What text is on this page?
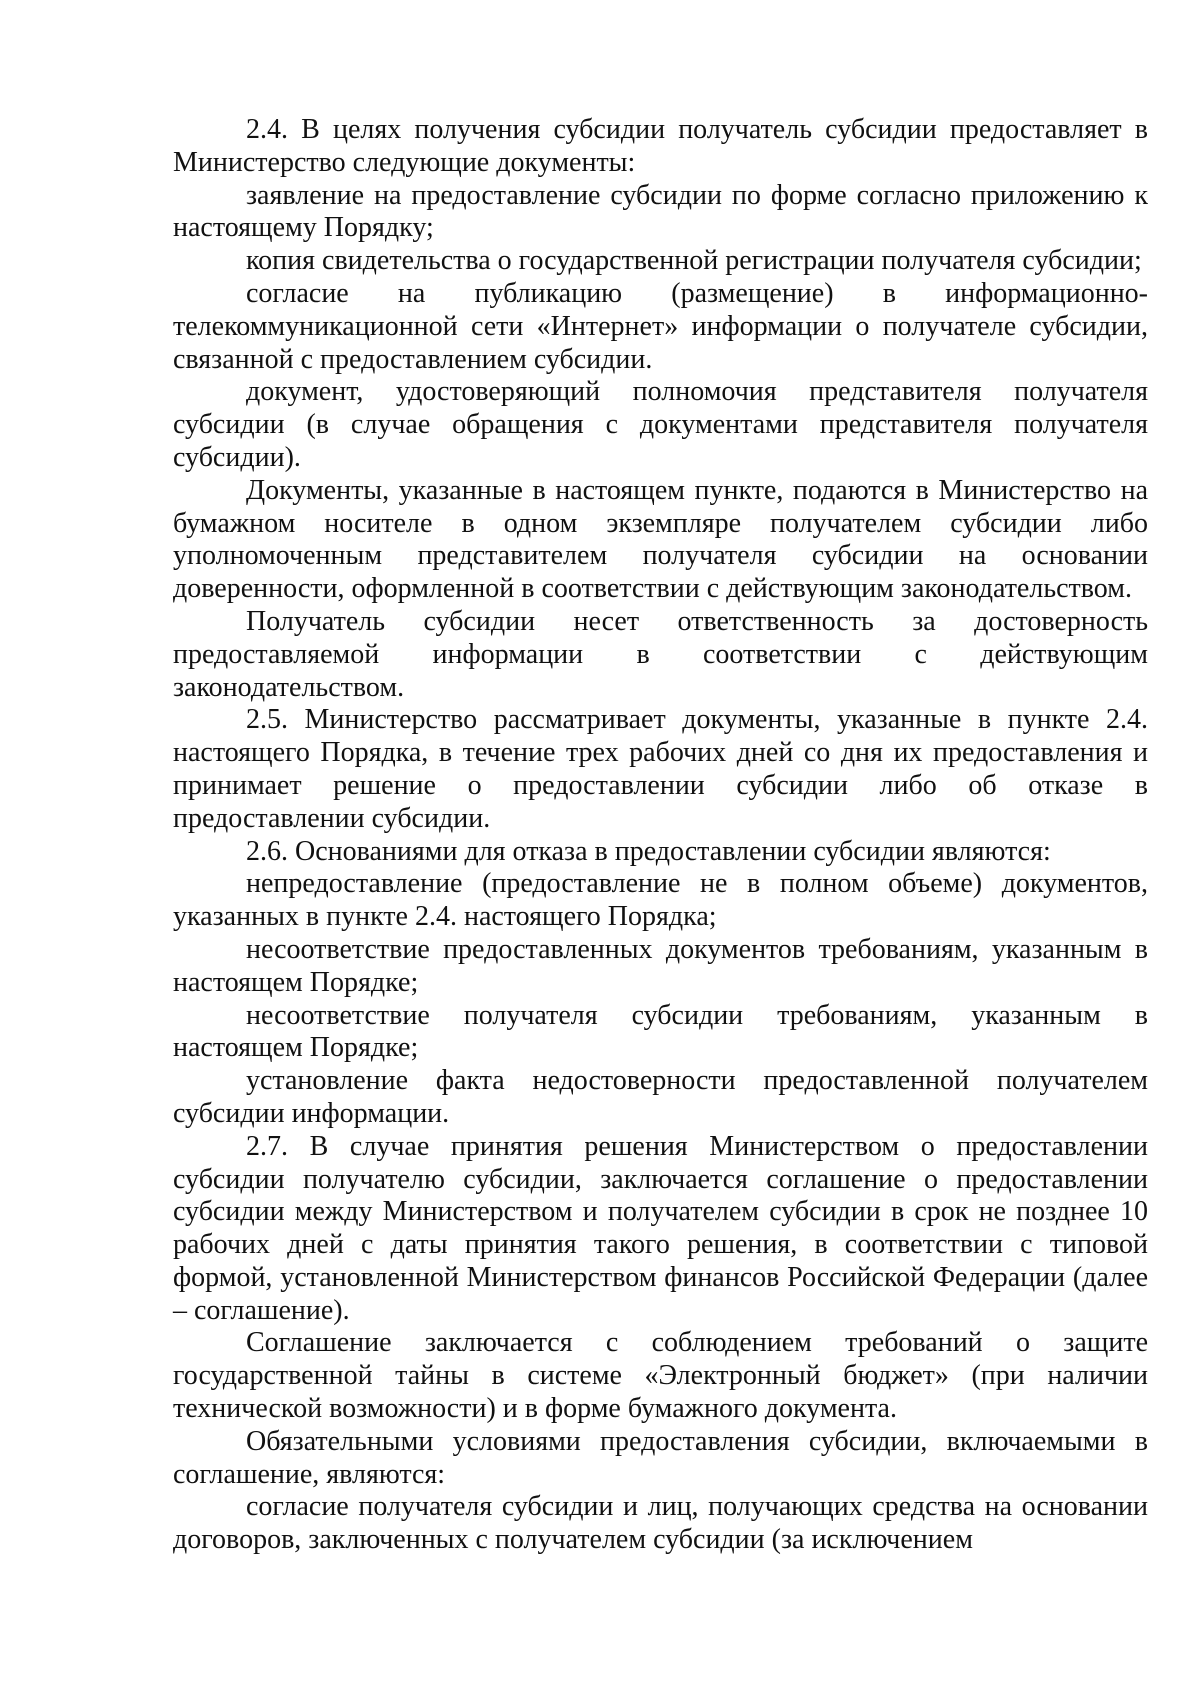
2.4. В целях получения субсидии получатель субсидии предоставляет в Министерство следующие документы:

заявление на предоставление субсидии по форме согласно приложению к настоящему Порядку;

копия свидетельства о государственной регистрации получателя субсидии;

согласие на публикацию (размещение) в информационно-телекоммуникационной сети «Интернет» информации о получателе субсидии, связанной с предоставлением субсидии.

документ, удостоверяющий полномочия представителя получателя субсидии (в случае обращения с документами представителя получателя субсидии).

Документы, указанные в настоящем пункте, подаются в Министерство на бумажном носителе в одном экземпляре получателем субсидии либо уполномоченным представителем получателя субсидии на основании доверенности, оформленной в соответствии с действующим законодательством.

Получатель субсидии несет ответственность за достоверность предоставляемой информации в соответствии с действующим законодательством.

2.5. Министерство рассматривает документы, указанные в пункте 2.4. настоящего Порядка, в течение трех рабочих дней со дня их предоставления и принимает решение о предоставлении субсидии либо об отказе в предоставлении субсидии.

2.6. Основаниями для отказа в предоставлении субсидии являются:

непредоставление (предоставление не в полном объеме) документов, указанных в пункте 2.4. настоящего Порядка;

несоответствие предоставленных документов требованиям, указанным в настоящем Порядке;

несоответствие получателя субсидии требованиям, указанным в настоящем Порядке;

установление факта недостоверности предоставленной получателем субсидии информации.

2.7. В случае принятия решения Министерством о предоставлении субсидии получателю субсидии, заключается соглашение о предоставлении субсидии между Министерством и получателем субсидии в срок не позднее 10 рабочих дней с даты принятия такого решения, в соответствии с типовой формой, установленной Министерством финансов Российской Федерации (далее – соглашение).

Соглашение заключается с соблюдением требований о защите государственной тайны в системе «Электронный бюджет» (при наличии технической возможности) и в форме бумажного документа.

Обязательными условиями предоставления субсидии, включаемыми в соглашение, являются:

согласие получателя субсидии и лиц, получающих средства на основании договоров, заключенных с получателем субсидии (за исключением
